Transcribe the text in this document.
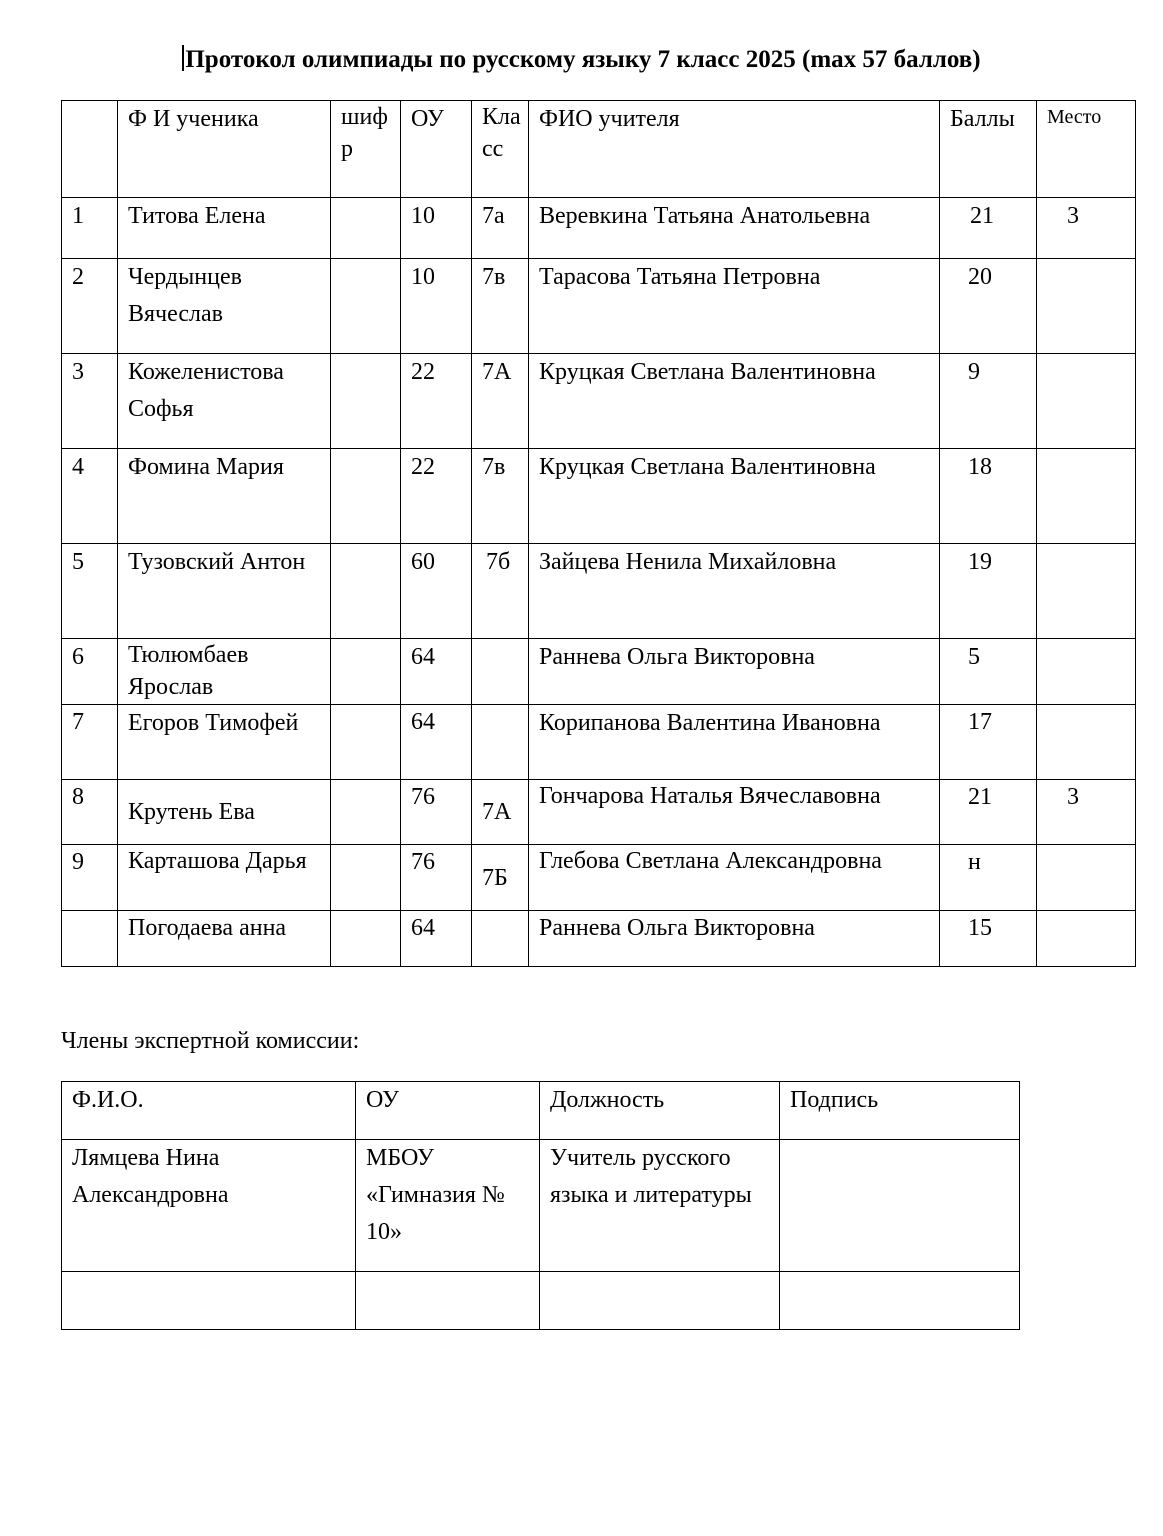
Протокол олимпиады по русскому языку 7 класс 2025 (max 57 баллов)
	Ф И ученика	шифр	ОУ	Класс	ФИО учителя	Баллы	Место
1	Титова Елена		10	7а	Веревкина Татьяна Анатольевна	21	3
2	Чердынцев Вячеслав		10	7в	Тарасова Татьяна Петровна	20	
3	Кожеленистова Софья		22	7А	Круцкая Светлана Валентиновна	9	
4	Фомина Мария		22	7в	Круцкая Светлана Валентиновна	18	
5	Тузовский Антон		60	7б	Зайцева Ненила Михайловна	19	
6	Тюлюмбаев Ярослав		64		Раннева Ольга Викторовна	5	
7	Егоров Тимофей		64		Корипанова Валентина Ивановна	17	
8	Крутень Ева		76	7А	Гончарова Наталья Вячеславовна	21	3
9	Карташова Дарья		76	7Б	Глебова Светлана Александровна	н	
	Погодаева анна		64		Раннева Ольга Викторовна	15	
Члены экспертной комиссии:
Ф.И.О.	ОУ	Должность	Подпись
Лямцева Нина Александровна	МБОУ «Гимназия № 10»	Учитель русского языка и литературы	
